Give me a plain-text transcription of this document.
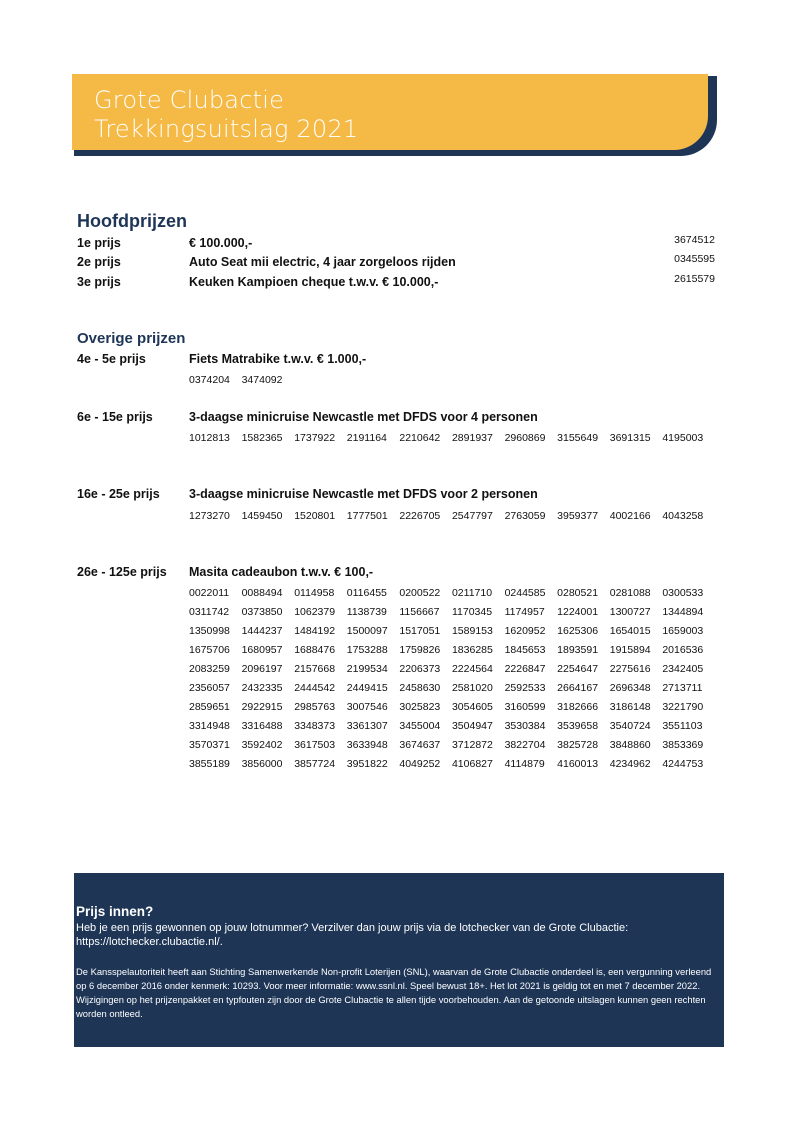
Grote Clubactie
Trekkingsuitslag 2021
Hoofdprijzen
1e prijs	€ 100.000,-	3674512
2e prijs	Auto Seat mii electric, 4 jaar zorgeloos rijden	0345595
3e prijs	Keuken Kampioen cheque t.w.v. € 10.000,-	2615579
Overige prijzen
4e - 5e prijs	Fiets Matrabike t.w.v. € 1.000,-
0374204	3474092
6e - 15e prijs	3-daagse minicruise Newcastle met DFDS voor 4 personen
1012813	1582365	1737922	2191164	2210642	2891937	2960869	3155649	3691315	4195003
16e - 25e prijs 3-daagse minicruise Newcastle met DFDS voor 2 personen
1273270	1459450	1520801	1777501	2226705	2547797	2763059	3959377	4002166	4043258
26e - 125e prijs Masita cadeaubon t.w.v. € 100,-
0022011	0088494	0114958	0116455	0200522	0211710	0244585	0280521	0281088	0300533
0311742	0373850	1062379	1138739	1156667	1170345	1174957	1224001	1300727	1344894
1350998	1444237	1484192	1500097	1517051	1589153	1620952	1625306	1654015	1659003
1675706	1680957	1688476	1753288	1759826	1836285	1845653	1893591	1915894	2016536
2083259	2096197	2157668	2199534	2206373	2224564	2226847	2254647	2275616	2342405
2356057	2432335	2444542	2449415	2458630	2581020	2592533	2664167	2696348	2713711
2859651	2922915	2985763	3007546	3025823	3054605	3160599	3182666	3186148	3221790
3314948	3316488	3348373	3361307	3455004	3504947	3530384	3539658	3540724	3551103
3570371	3592402	3617503	3633948	3674637	3712872	3822704	3825728	3848860	3853369
3855189	3856000	3857724	3951822	4049252	4106827	4114879	4160013	4234962	4244753
Prijs innen?

Heb je een prijs gewonnen op jouw lotnummer? Verzilver dan jouw prijs via de lotchecker van de Grote Clubactie: https://lotchecker.clubactie.nl/.

De Kansspelautoriteit heeft aan Stichting Samenwerkende Non-profit Loterijen (SNL), waarvan de Grote Clubactie onderdeel is, een vergunning verleend op 6 december 2016 onder kenmerk: 10293. Voor meer informatie: www.ssnl.nl. Speel bewust 18+. Het lot 2021 is geldig tot en met 7 december 2022. Wijzigingen op het prijzenpakket en typfouten zijn door de Grote Clubactie te allen tijde voorbehouden. Aan de getoonde uitslagen kunnen geen rechten worden ontleed.
